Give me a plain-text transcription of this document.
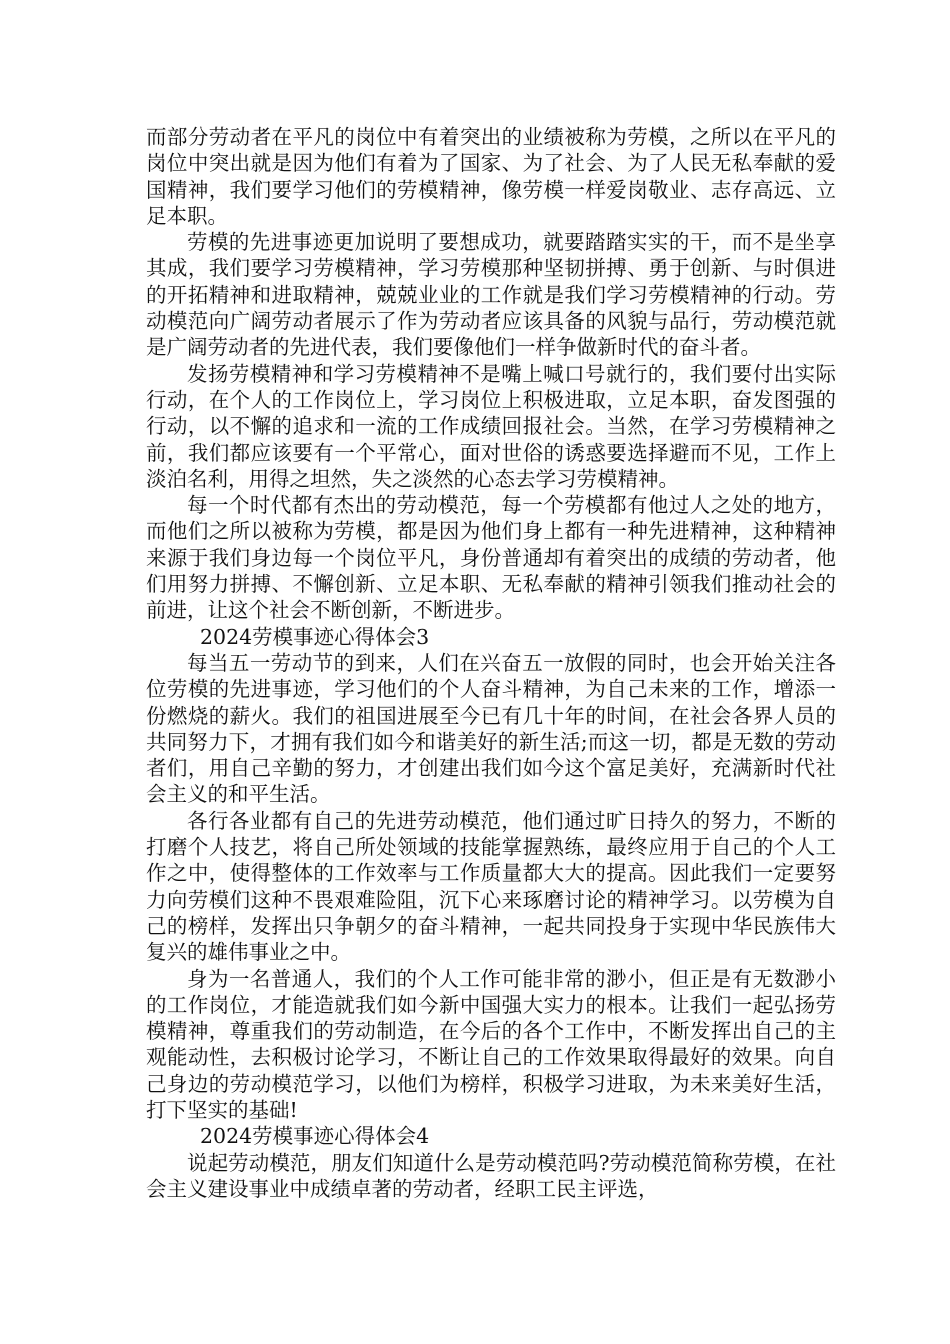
而部分劳动者在平凡的岗位中有着突出的业绩被称为劳模，之所以在平凡的岗位中突出就是因为他们有着为了国家、为了社会、为了人民无私奉献的爱国精神，我们要学习他们的劳模精神，像劳模一样爱岗敬业、志存高远、立足本职。

劳模的先进事迹更加说明了要想成功，就要踏踏实实的干，而不是坐享其成，我们要学习劳模精神，学习劳模那种坚韧拼搏、勇于创新、与时俱进的开拓精神和进取精神，兢兢业业的工作就是我们学习劳模精神的行动。劳动模范向广阔劳动者展示了作为劳动者应该具备的风貌与品行，劳动模范就是广阔劳动者的先进代表，我们要像他们一样争做新时代的奋斗者。

发扬劳模精神和学习劳模精神不是嘴上喊口号就行的，我们要付出实际行动，在个人的工作岗位上，学习岗位上积极进取，立足本职，奋发图强的行动，以不懈的追求和一流的工作成绩回报社会。当然，在学习劳模精神之前，我们都应该要有一个平常心，面对世俗的诱惑要选择避而不见，工作上淡泊名利，用得之坦然，失之淡然的心态去学习劳模精神。

每一个时代都有杰出的劳动模范，每一个劳模都有他过人之处的地方，而他们之所以被称为劳模，都是因为他们身上都有一种先进精神，这种精神来源于我们身边每一个岗位平凡，身份普通却有着突出的成绩的劳动者，他们用努力拼搏、不懈创新、立足本职、无私奉献的精神引领我们推动社会的前进，让这个社会不断创新，不断进步。

2024劳模事迹心得体会3

每当五一劳动节的到来，人们在兴奋五一放假的同时，也会开始关注各位劳模的先进事迹，学习他们的个人奋斗精神，为自己未来的工作，增添一份燃烧的薪火。我们的祖国进展至今已有几十年的时间，在社会各界人员的共同努力下，才拥有我们如今和谐美好的新生活;而这一切，都是无数的劳动者们，用自己辛勤的努力，才创建出我们如今这个富足美好，充满新时代社会主义的和平生活。

各行各业都有自己的先进劳动模范，他们通过旷日持久的努力，不断的打磨个人技艺，将自己所处领域的技能掌握熟练，最终应用于自己的个人工作之中，使得整体的工作效率与工作质量都大大的提高。因此我们一定要努力向劳模们这种不畏艰难险阻，沉下心来琢磨讨论的精神学习。以劳模为自己的榜样，发挥出只争朝夕的奋斗精神，一起共同投身于实现中华民族伟大复兴的雄伟事业之中。

身为一名普通人，我们的个人工作可能非常的渺小，但正是有无数渺小的工作岗位，才能造就我们如今新中国强大实力的根本。让我们一起弘扬劳模精神，尊重我们的劳动制造，在今后的各个工作中，不断发挥出自己的主观能动性，去积极讨论学习，不断让自己的工作效果取得最好的效果。向自己身边的劳动模范学习，以他们为榜样，积极学习进取，为未来美好生活，打下坚实的基础!

2024劳模事迹心得体会4

说起劳动模范，朋友们知道什么是劳动模范吗?劳动模范简称劳模，在社会主义建设事业中成绩卓著的劳动者，经职工民主评选，
